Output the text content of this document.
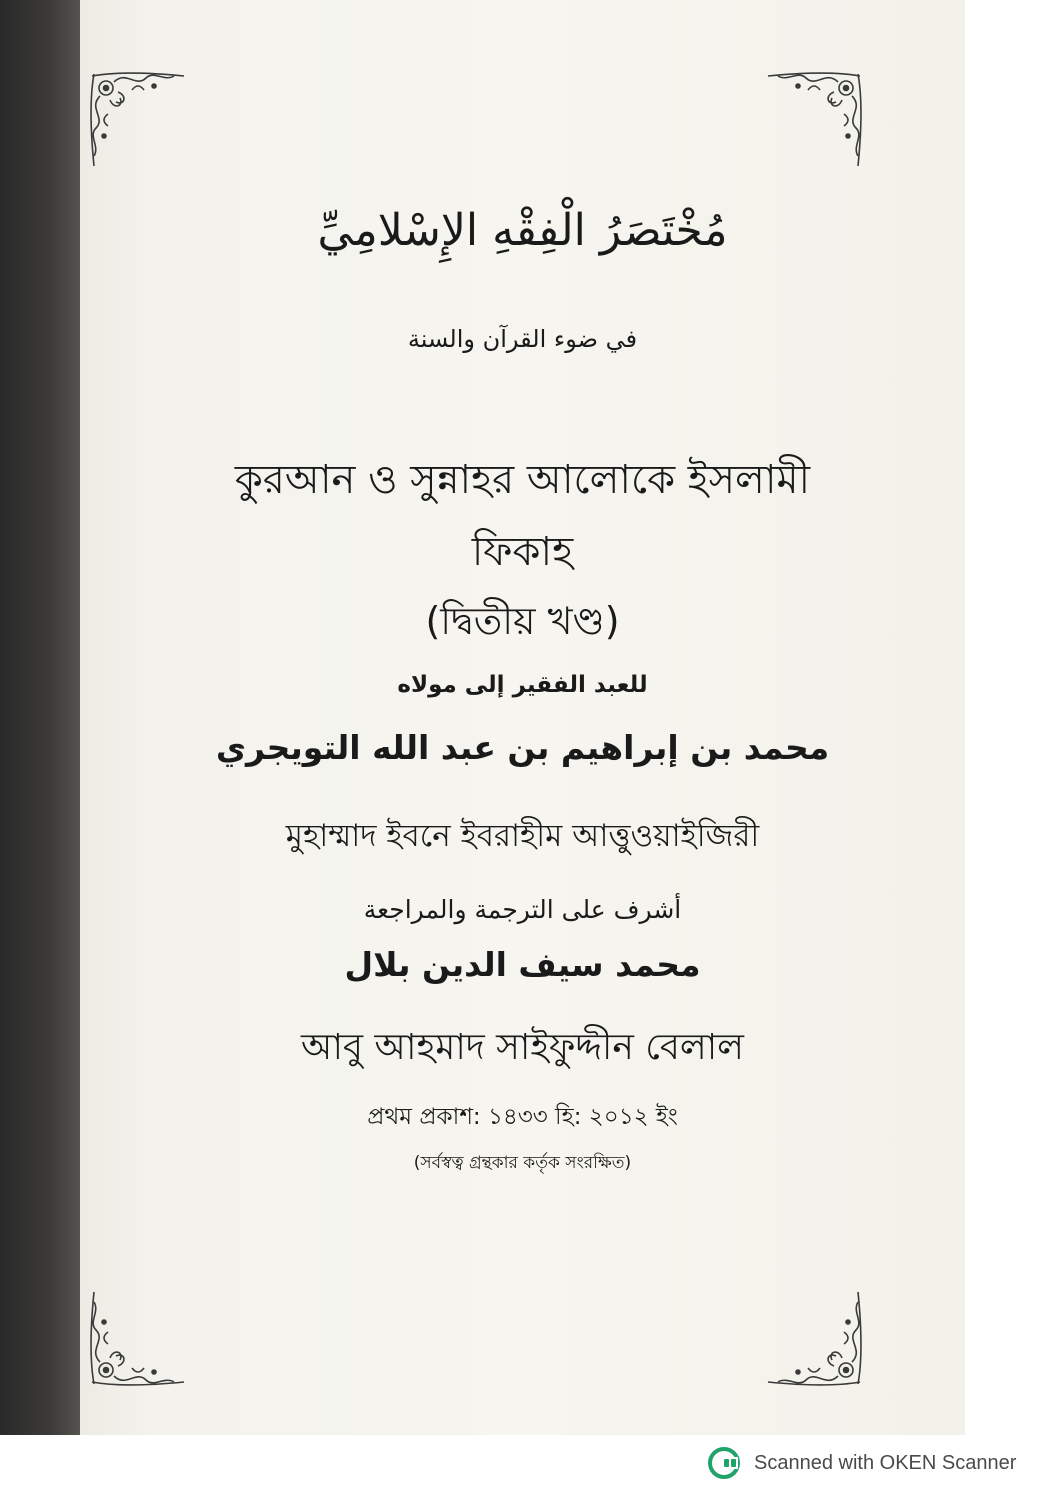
مُخْتَصَرُ الْفِقْهِ الإِسْلامِيِّ
في ضوء القرآن والسنة
কুরআন ও সুন্নাহর আলোকে ইসলামী
ফিকাহ
(দ্বিতীয় খণ্ড)
للعبد الفقير إلى مولاه
محمد بن إبراهيم بن عبد الله التويجري
মুহাম্মাদ ইবনে ইবরাহীম আত্তুওয়াইজিরী
أشرف على الترجمة والمراجعة
محمد سيف الدين بلال
আবু আহমাদ সাইফুদ্দীন বেলাল
প্রথম প্রকাশ: ১৪৩৩ হি: ২০১২ ইং
(সর্বস্বত্ব গ্রন্থকার কর্তৃক সংরক্ষিত)
Scanned with OKEN Scanner
